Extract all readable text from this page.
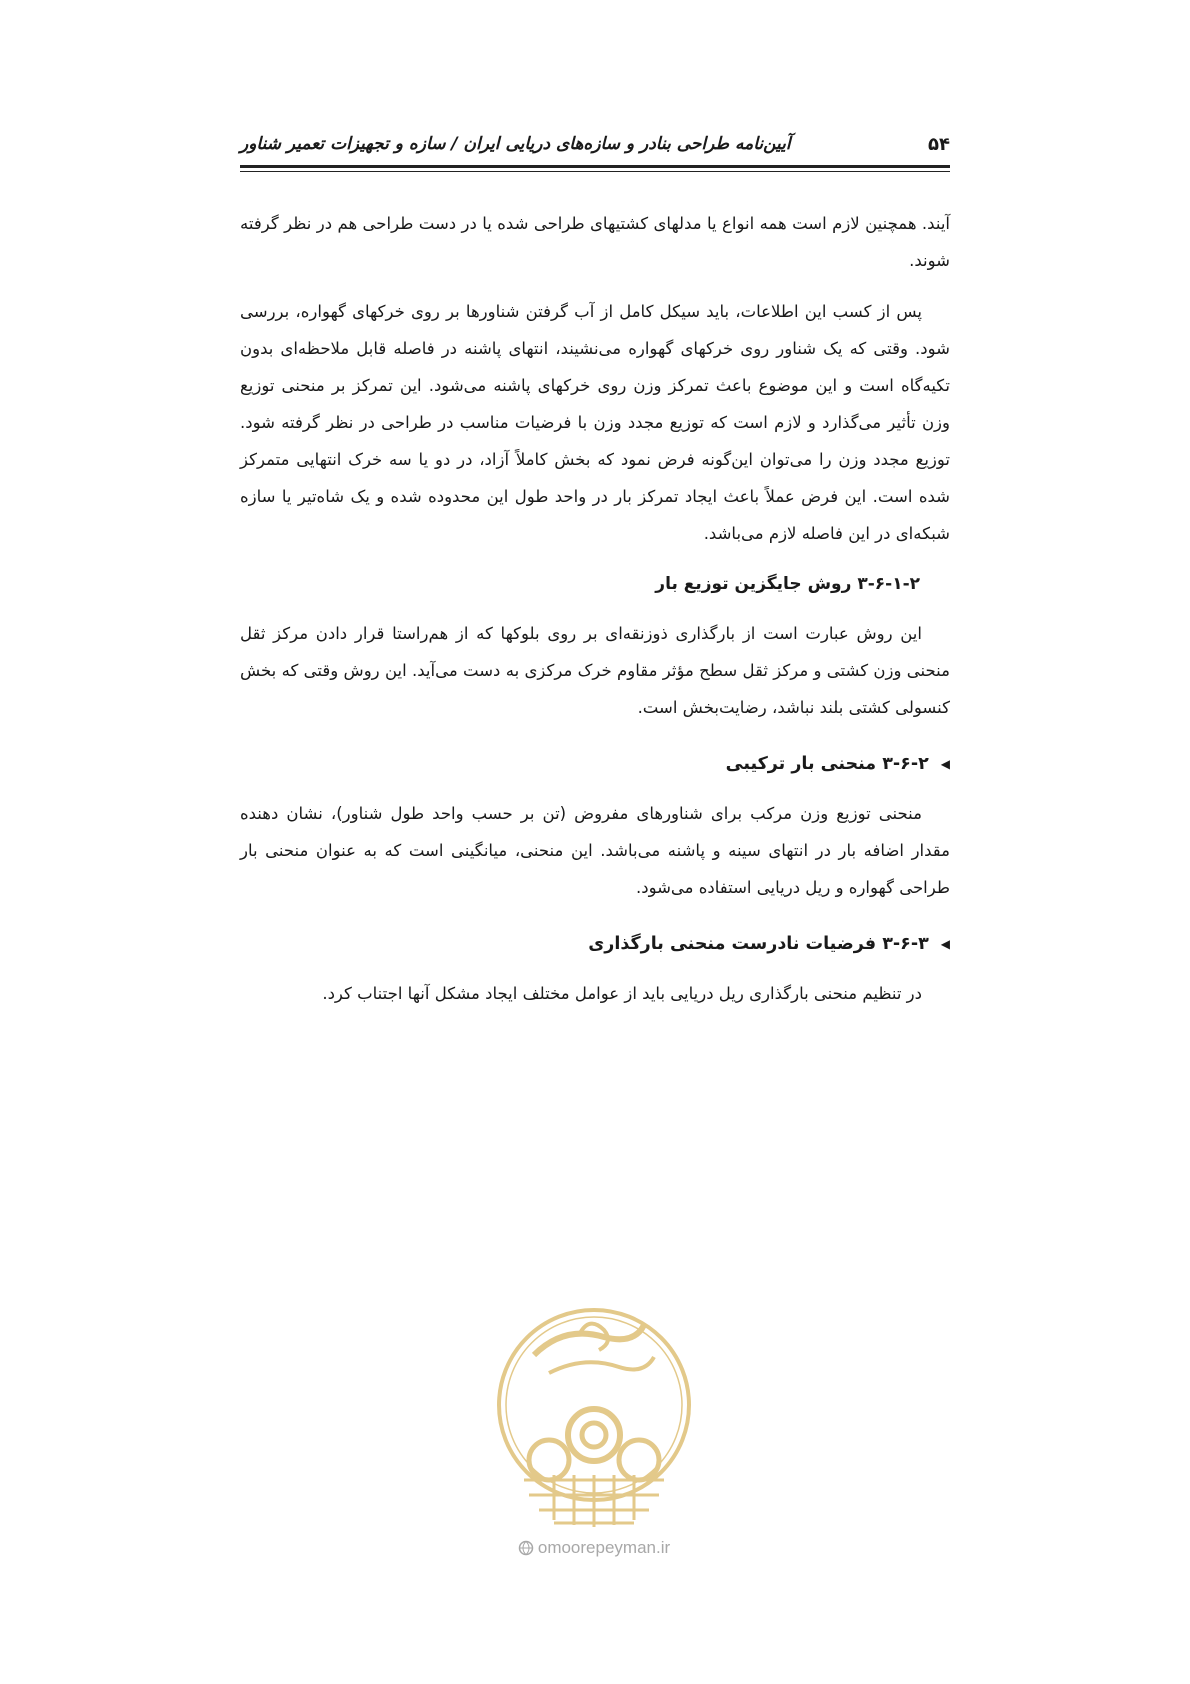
۵۴
آیین‌نامه طراحی بنادر و سازه‌های دریایی ایران / سازه و تجهیزات تعمیر شناور

آیند. همچنین لازم است همه انواع یا مدلهای کشتیهای طراحی شده یا در دست طراحی هم در نظر گرفته شوند.

پس از کسب این اطلاعات، باید سیکل کامل از آب گرفتن شناورها بر روی خرکهای گهواره، بررسی شود. وقتی که یک شناور روی خرکهای گهواره می‌نشیند، انتهای پاشنه در فاصله قابل ملاحظه‌ای بدون تکیه‌گاه است و این موضوع باعث تمرکز وزن روی خرکهای پاشنه می‌شود. این تمرکز بر منحنی توزیع وزن تأثیر می‌گذارد و لازم است که توزیع مجدد وزن با فرضیات مناسب در طراحی در نظر گرفته شود. توزیع مجدد وزن را می‌توان این‌گونه فرض نمود که بخش کاملاً آزاد، در دو یا سه خرک انتهایی متمرکز شده است. این فرض عملاً باعث ایجاد تمرکز بار در واحد طول این محدوده شده و یک شاه‌تیر یا سازه شبکه‌ای در این فاصله لازم می‌باشد.

۳-۶-۱-۲ روش جایگزین توزیع بار

این روش عبارت است از بارگذاری ذوزنقه‌ای بر روی بلوکها که از هم‌راستا قرار دادن مرکز ثقل منحنی وزن کشتی و مرکز ثقل سطح مؤثر مقاوم خرک مرکزی به دست می‌آید. این روش وقتی که بخش کنسولی کشتی بلند نباشد، رضایت‌بخش است.

◀
۳-۶-۲ منحنی بار ترکیبی

منحنی توزیع وزن مرکب برای شناورهای مفروض (تن بر حسب واحد طول شناور)، نشان دهنده مقدار اضافه بار در انتهای سینه و پاشنه می‌باشد. این منحنی، میانگینی است که به عنوان منحنی بار طراحی گهواره و ریل دریایی استفاده می‌شود.

◀
۳-۶-۳ فرضیات نادرست منحنی بارگذاری

در تنظیم منحنی بارگذاری ریل دریایی باید از عوامل مختلف ایجاد مشکل آنها اجتناب کرد.

omoorepeyman.ir
